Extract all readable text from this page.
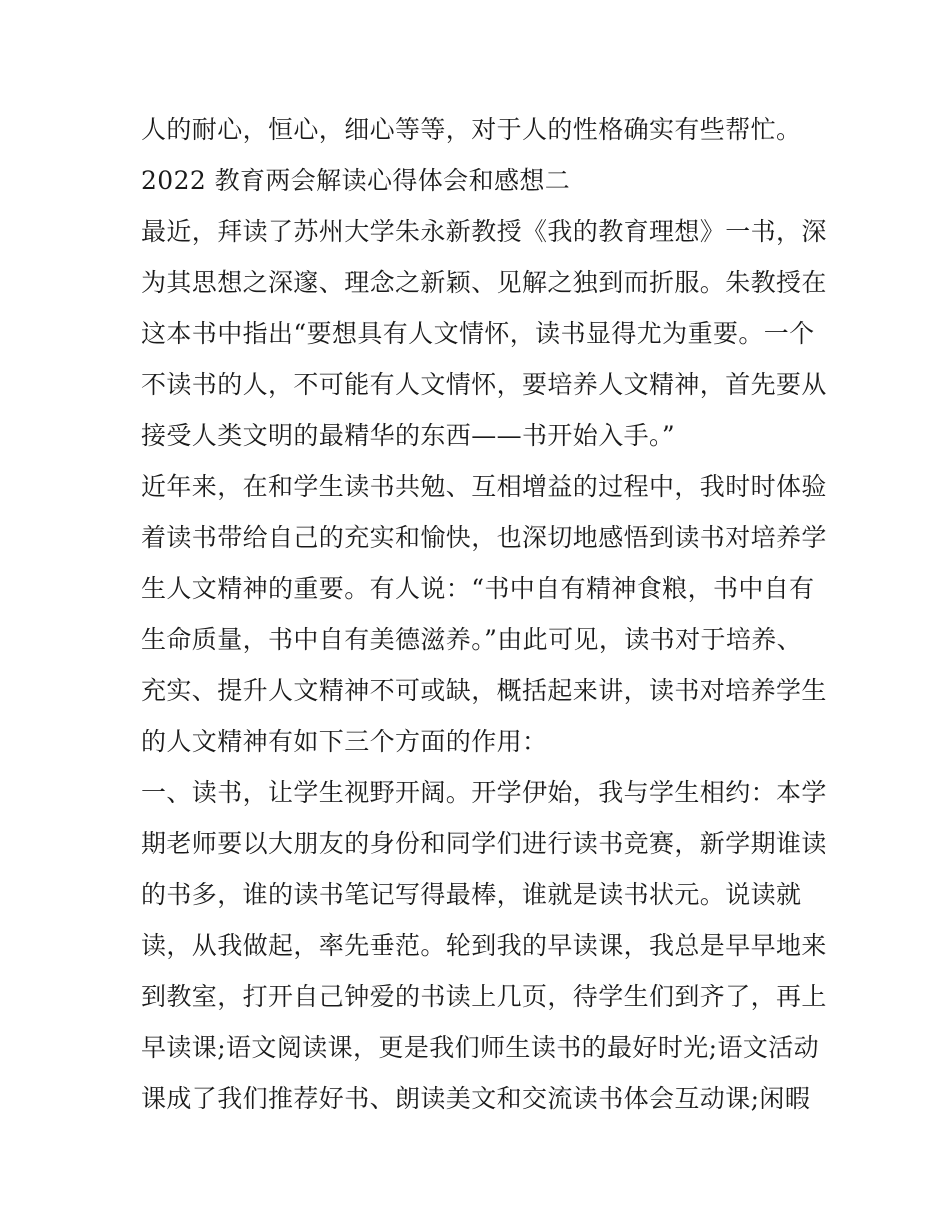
人的耐心，恒心，细心等等，对于人的性格确实有些帮忙。
2022 教育两会解读心得体会和感想二
最近，拜读了苏州大学朱永新教授《我的教育理想》一书，深
为其思想之深邃、理念之新颖、见解之独到而折服。朱教授在
这本书中指出“要想具有人文情怀，读书显得尤为重要。一个
不读书的人，不可能有人文情怀，要培养人文精神，首先要从
接受人类文明的最精华的东西——书开始入手。”
近年来，在和学生读书共勉、互相增益的过程中，我时时体验
着读书带给自己的充实和愉快，也深切地感悟到读书对培养学
生人文精神的重要。有人说：“书中自有精神食粮，书中自有
生命质量，书中自有美德滋养。”由此可见，读书对于培养、
充实、提升人文精神不可或缺，概括起来讲，读书对培养学生
的人文精神有如下三个方面的作用：
一、读书，让学生视野开阔。开学伊始，我与学生相约：本学
期老师要以大朋友的身份和同学们进行读书竞赛，新学期谁读
的书多，谁的读书笔记写得最棒，谁就是读书状元。说读就
读，从我做起，率先垂范。轮到我的早读课，我总是早早地来
到教室，打开自己钟爱的书读上几页，待学生们到齐了，再上
早读课;语文阅读课，更是我们师生读书的最好时光;语文活动
课成了我们推荐好书、朗读美文和交流读书体会互动课;闲暇
